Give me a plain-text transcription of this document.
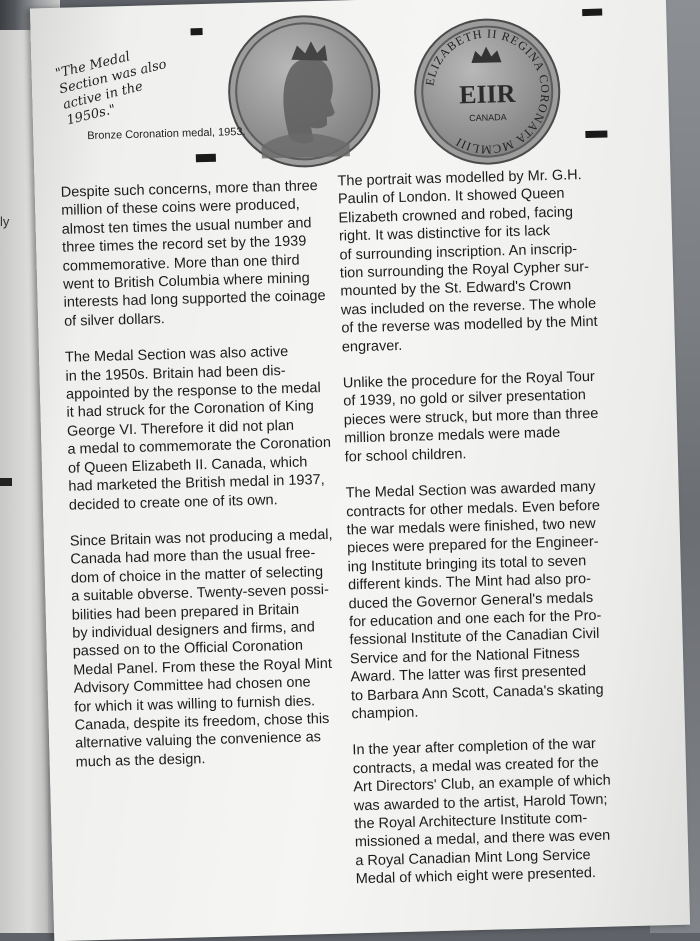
ly
ELIZABETH II REGINA CORONATA MCMLIII
EIIR
CANADA
"The Medal Section was also active in the 1950s."
Bronze Coronation medal, 1953.

Despite such concerns, more than three
million of these coins were produced,
almost ten times the usual number and
three times the record set by the 1939
commemorative. More than one third
went to British Columbia where mining
interests had long supported the coinage
of silver dollars.

The Medal Section was also active
in the 1950s. Britain had been dis-
appointed by the response to the medal
it had struck for the Coronation of King
George VI. Therefore it did not plan
a medal to commemorate the Coronation
of Queen Elizabeth II. Canada, which
had marketed the British medal in 1937,
decided to create one of its own.

Since Britain was not producing a medal,
Canada had more than the usual free-
dom of choice in the matter of selecting
a suitable obverse. Twenty-seven possi-
bilities had been prepared in Britain
by individual designers and firms, and
passed on to the Official Coronation
Medal Panel. From these the Royal Mint
Advisory Committee had chosen one
for which it was willing to furnish dies.
Canada, despite its freedom, chose this
alternative valuing the convenience as
much as the design.

The portrait was modelled by Mr. G.H.
Paulin of London. It showed Queen
Elizabeth crowned and robed, facing
right. It was distinctive for its lack
of surrounding inscription. An inscrip-
tion surrounding the Royal Cypher sur-
mounted by the St. Edward's Crown
was included on the reverse. The whole
of the reverse was modelled by the Mint
engraver.

Unlike the procedure for the Royal Tour
of 1939, no gold or silver presentation
pieces were struck, but more than three
million bronze medals were made
for school children.

The Medal Section was awarded many
contracts for other medals. Even before
the war medals were finished, two new
pieces were prepared for the Engineer-
ing Institute bringing its total to seven
different kinds. The Mint had also pro-
duced the Governor General's medals
for education and one each for the Pro-
fessional Institute of the Canadian Civil
Service and for the National Fitness
Award. The latter was first presented
to Barbara Ann Scott, Canada's skating
champion.

In the year after completion of the war
contracts, a medal was created for the
Art Directors' Club, an example of which
was awarded to the artist, Harold Town;
the Royal Architecture Institute com-
missioned a medal, and there was even
a Royal Canadian Mint Long Service
Medal of which eight were presented.
